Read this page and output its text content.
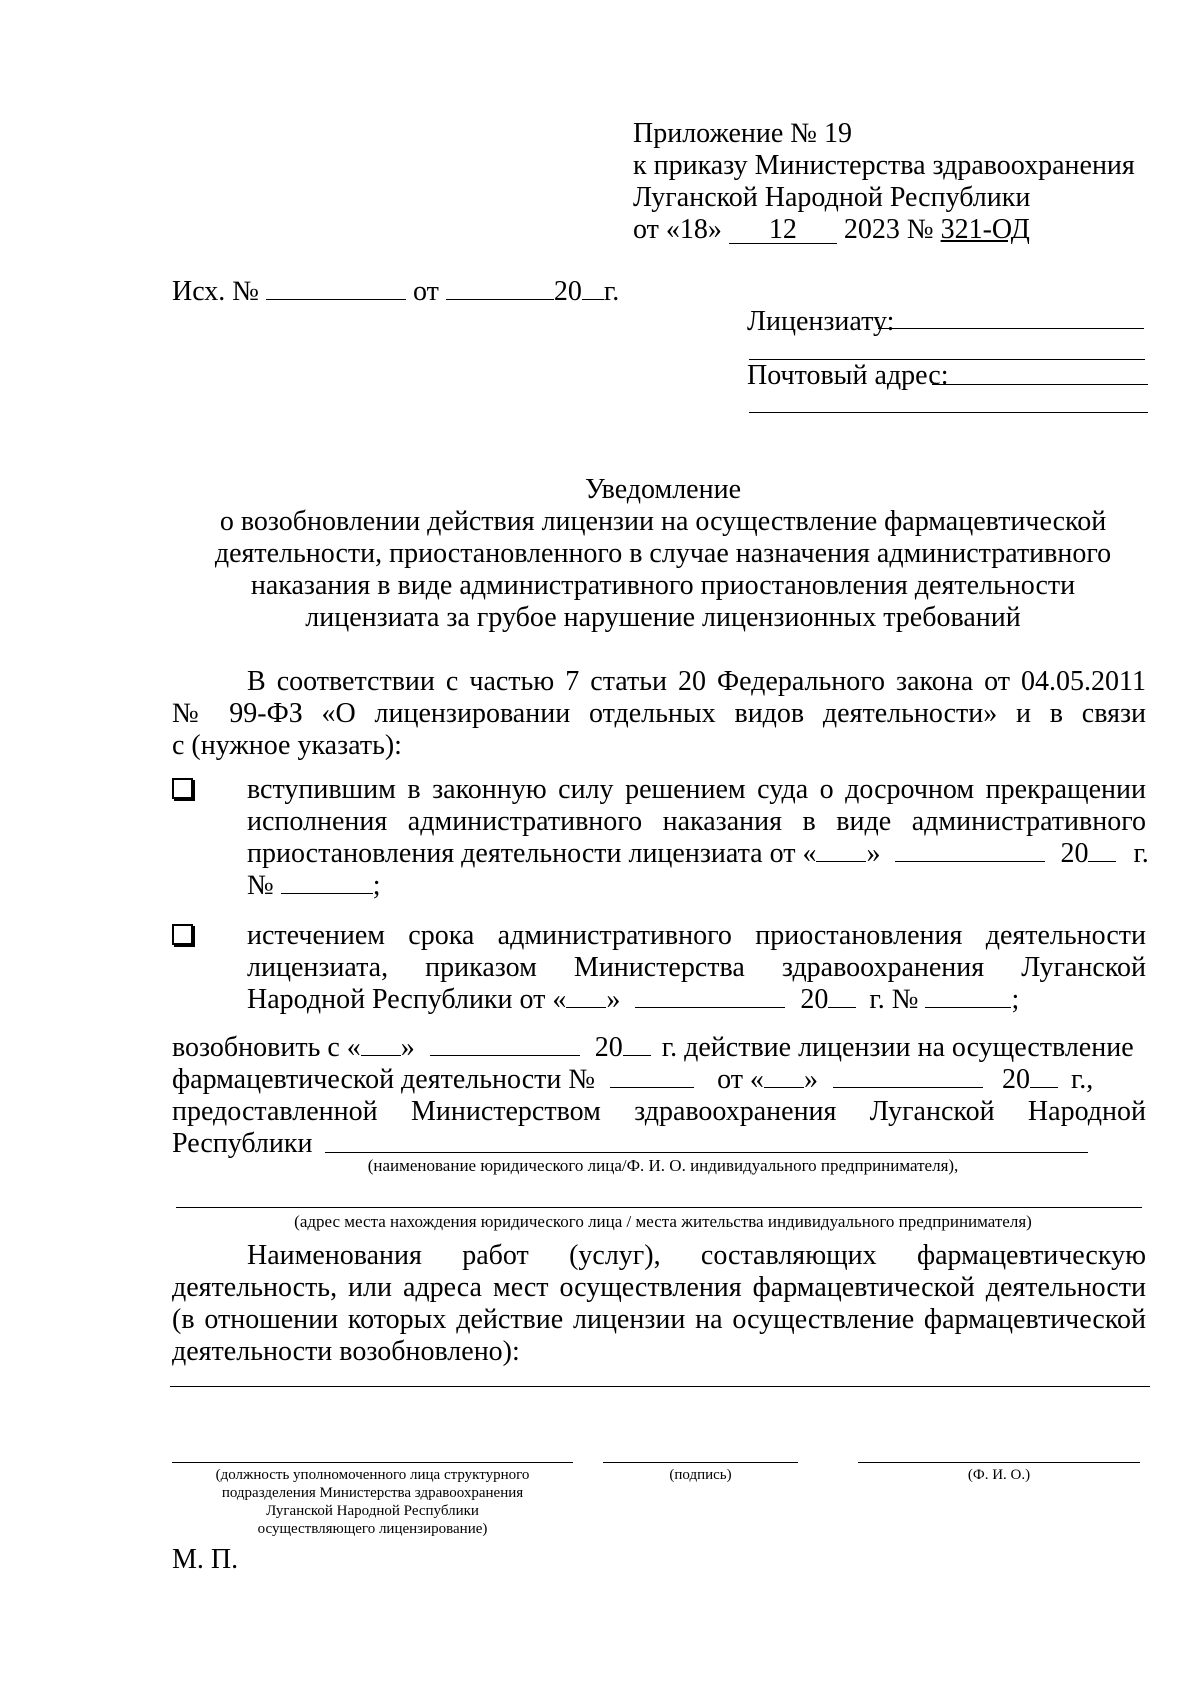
Приложение № 19
к приказу Министерства здравоохранения
Луганской Народной Республики
от «18» 12 2023 № 321-ОД
Исх. №	от	20 г.
Лицензиату:
Почтовый адрес:
Уведомление
о возобновлении действия лицензии на осуществление фармацевтической
деятельности, приостановленного в случае назначения административного
наказания в виде административного приостановления деятельности
лицензиата за грубое нарушение лицензионных требований
В соответствии с частью 7 статьи 20 Федерального закона от 04.05.2011
№ 99-ФЗ «О лицензировании отдельных видов деятельности» и в связи
с (нужное указать):
вступившим в законную силу решением суда о досрочном прекращении
исполнения административного наказания в виде административного
приостановления деятельности лицензиата от « »	20 г.
№	;
истечением срока административного приостановления деятельности
лицензиата, приказом Министерства здравоохранения Луганской
Народной Республики от « »	20 г. №	;
возобновить с « »	20 г. действие лицензии на осуществление
фармацевтической деятельности №	от « »	20 г.,
предоставленной Министерством здравоохранения Луганской Народной
Республики
(наименование юридического лица/Ф. И. О. индивидуального предпринимателя),
(адрес места нахождения юридического лица / места жительства индивидуального предпринимателя)
Наименования работ (услуг), составляющих фармацевтическую
деятельность, или адреса мест осуществления фармацевтической деятельности
(в отношении которых действие лицензии на осуществление фармацевтической
деятельности возобновлено):
(должность уполномоченного лица структурного
подразделения Министерства здравоохранения
Луганской Народной Республики
осуществляющего лицензирование)
(подпись)	(Ф. И. О.)
М. П.
